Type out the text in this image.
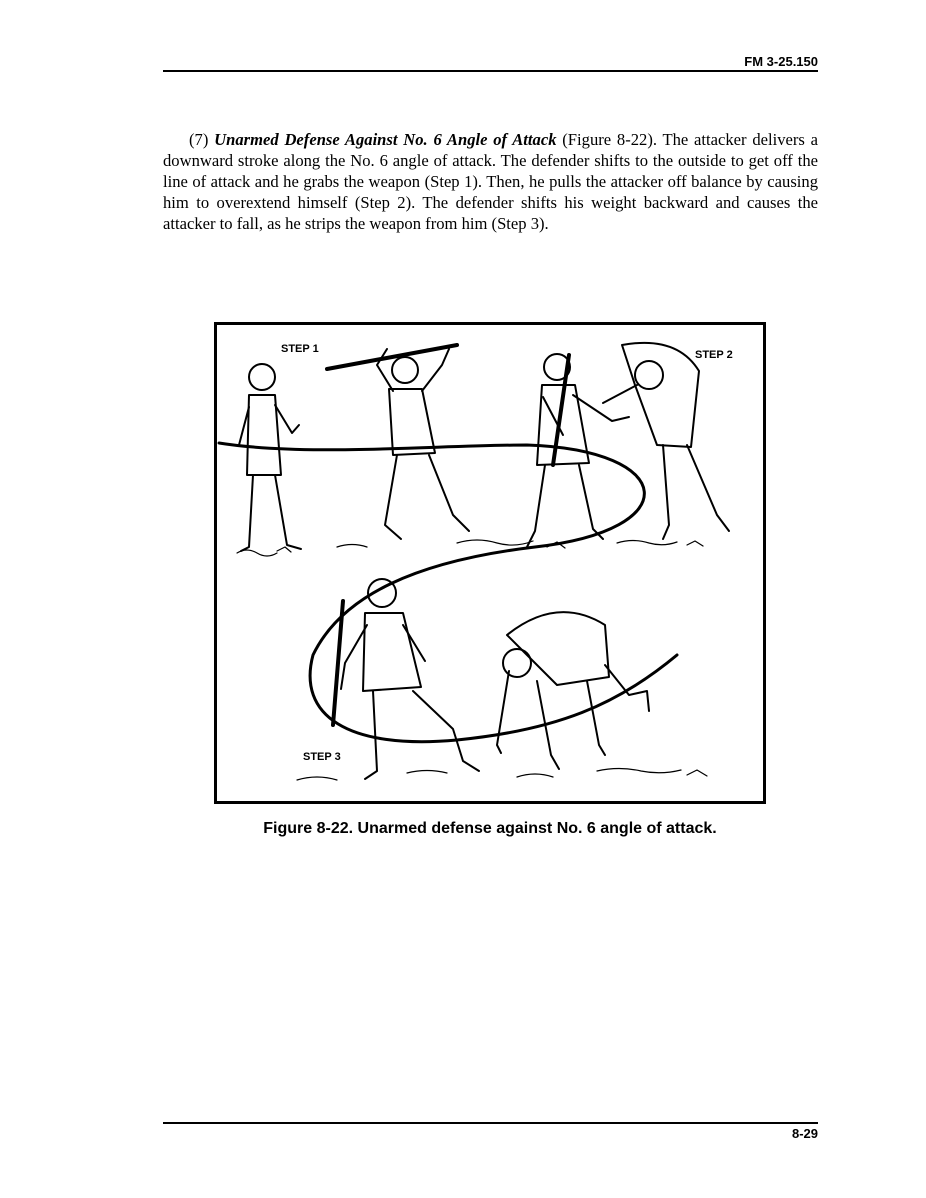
FM 3-25.150

(7) Unarmed Defense Against No. 6 Angle of Attack (Figure 8-22). The attacker delivers a downward stroke along the No. 6 angle of attack. The defender shifts to the outside to get off the line of attack and he grabs the weapon (Step 1). Then, he pulls the attacker off balance by causing him to overextend himself (Step 2). The defender shifts his weight backward and causes the attacker to fall, as he strips the weapon from him (Step 3).

STEP 1	STEP 2
STEP 3
Figure 8-22. Unarmed defense against No. 6 angle of attack.
8-29
